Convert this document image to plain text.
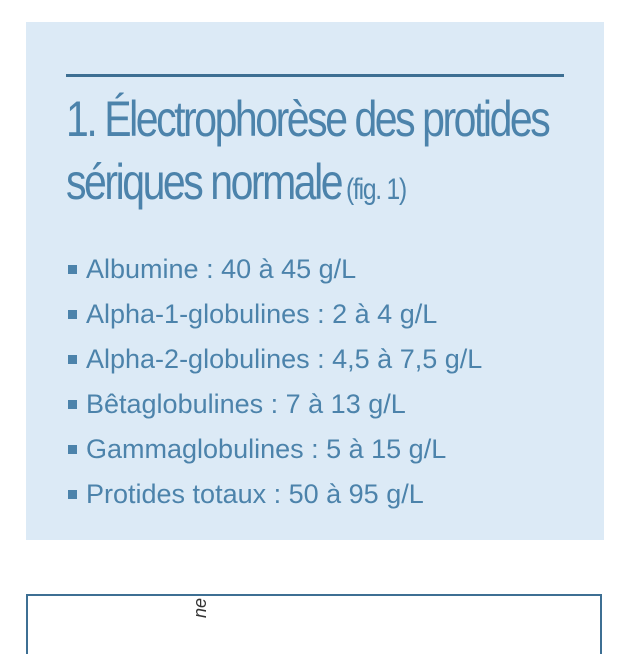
1. Électrophorèse des protides
sériques normale (fig. 1)
Albumine : 40 à 45 g/L
Alpha-1-globulines : 2 à 4 g/L
Alpha-2-globulines : 4,5 à 7,5 g/L
Bêtaglobulines : 7 à 13 g/L
Gammaglobulines : 5 à 15 g/L
Protides totaux : 50 à 95 g/L
ne
